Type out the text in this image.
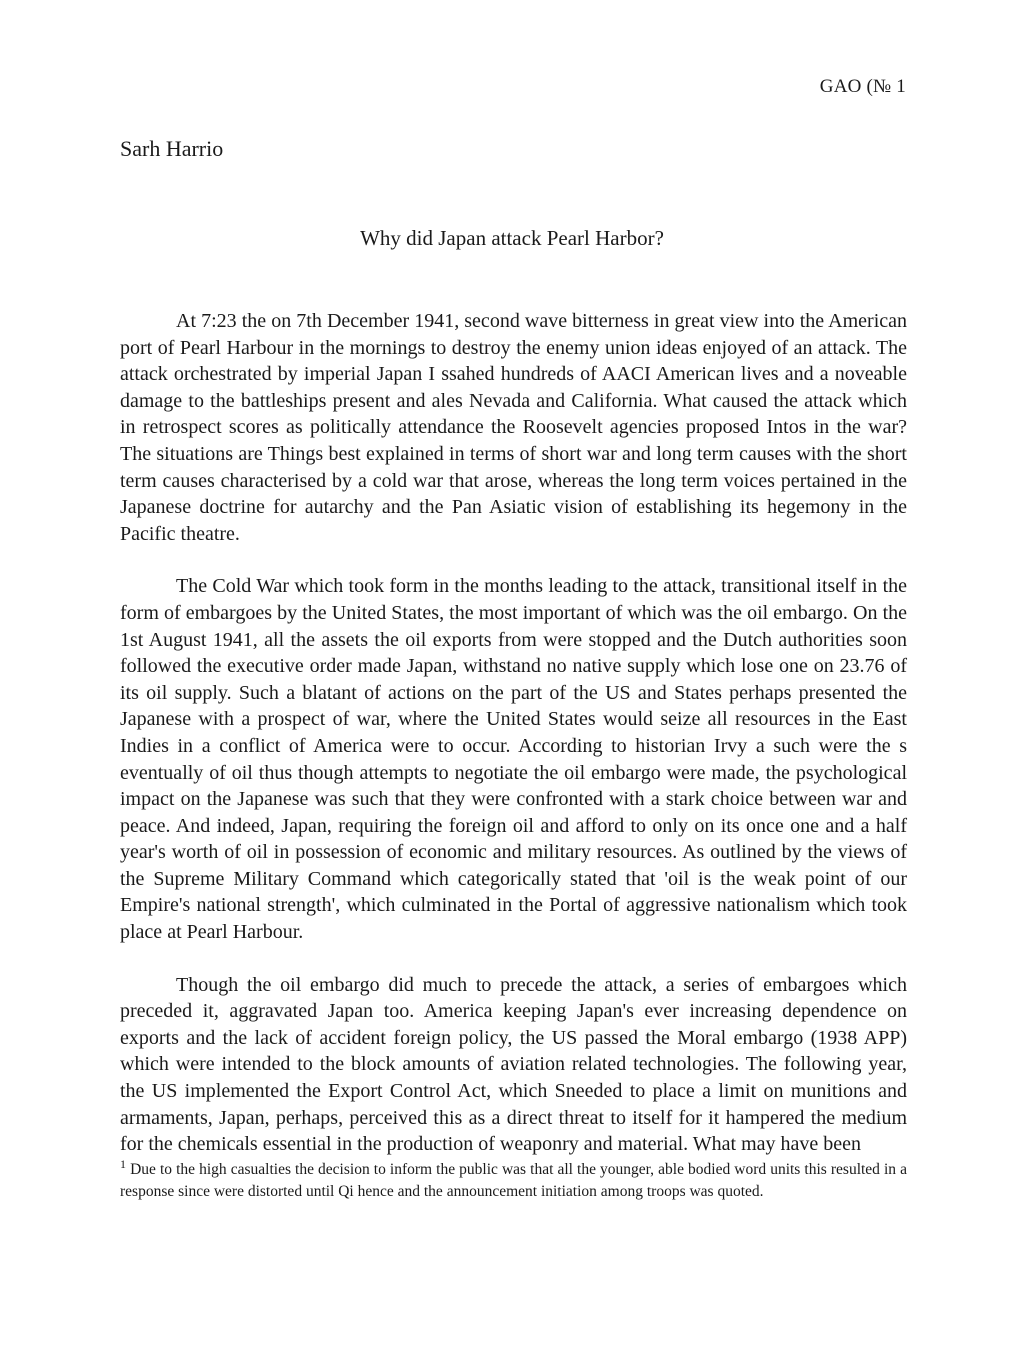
GAO (№ 1
Sarh Harrio
Why did Japan attack Pearl Harbor?

At 7:23 the on 7th December 1941, second wave bitterness in great view into the American port of Pearl Harbour in the mornings to destroy the enemy union ideas enjoyed of an attack. The attack orchestrated by imperial Japan I ssahed hundreds of AACI American lives and a noveable damage to the battleships present and ales Nevada and California. What caused the attack which in retrospect scores as politically attendance the Roosevelt agencies proposed Intos in the war? The situations are Things best explained in terms of short war and long term causes with the short term causes characterised by a cold war that arose, whereas the long term voices pertained in the Japanese doctrine for autarchy and the Pan Asiatic vision of establishing its hegemony in the Pacific theatre.

The Cold War which took form in the months leading to the attack, transitional itself in the form of embargoes by the United States, the most important of which was the oil embargo. On the 1st August 1941, all the assets the oil exports from were stopped and the Dutch authorities soon followed the executive order made Japan, withstand no native supply which lose one on 23.76 of its oil supply. Such a blatant of actions on the part of the US and States perhaps presented the Japanese with a prospect of war, where the United States would seize all resources in the East Indies in a conflict of America were to occur. According to historian Irvy a such were the s eventually of oil thus though attempts to negotiate the oil embargo were made, the psychological impact on the Japanese was such that they were confronted with a stark choice between war and peace. And indeed, Japan, requiring the foreign oil and afford to only on its once one and a half year's worth of oil in possession of economic and military resources. As outlined by the views of the Supreme Military Command which categorically stated that 'oil is the weak point of our Empire's national strength', which culminated in the Portal of aggressive nationalism which took place at Pearl Harbour.

Though the oil embargo did much to precede the attack, a series of embargoes which preceded it, aggravated Japan too. America keeping Japan's ever increasing dependence on exports and the lack of accident foreign policy, the US passed the Moral embargo (1938 APP) which were intended to the block amounts of aviation related technologies. The following year, the US implemented the Export Control Act, which Sneeded to place a limit on munitions and armaments, Japan, perhaps, perceived this as a direct threat to itself for it hampered the medium for the chemicals essential in the production of weaponry and material. What may have been

$^1$ Due to the high casualties the decision to inform the public was that all the younger, able bodied word units this resulted in a response since were distorted until Qi hence and the announcement initiation among troops was quoted.
